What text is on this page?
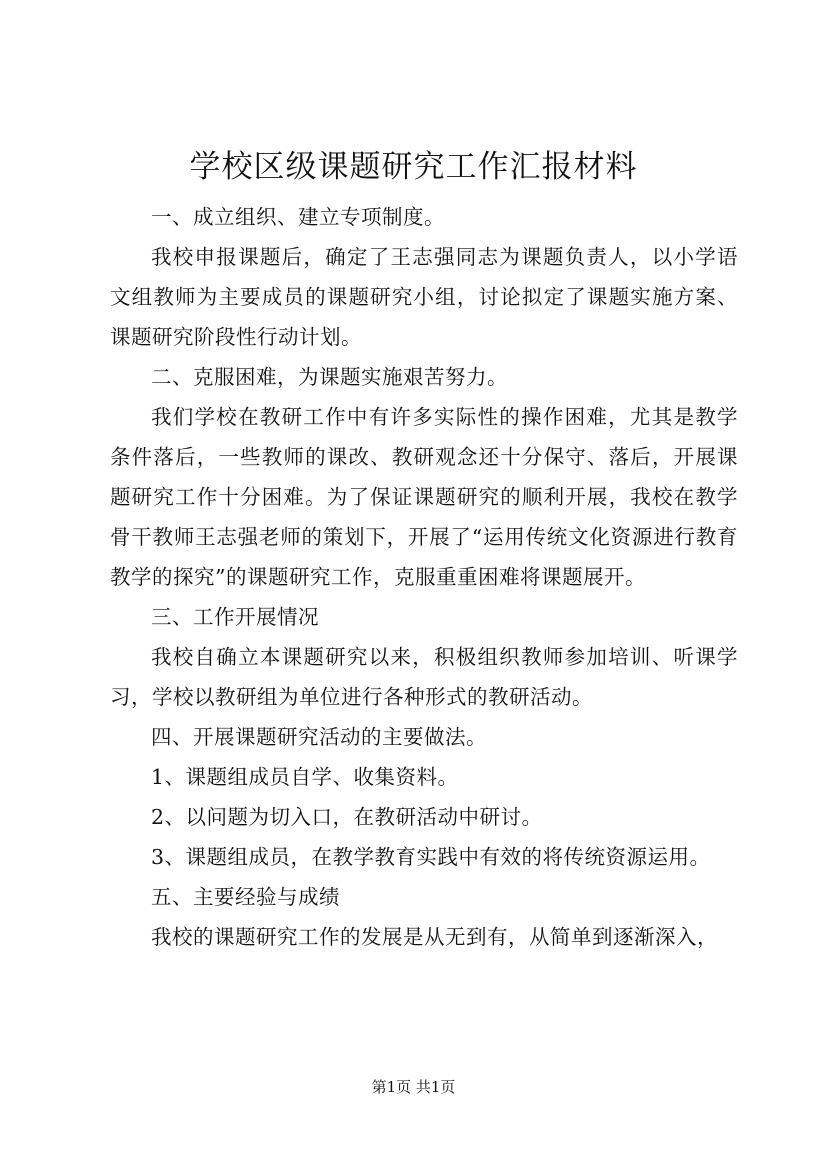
学校区级课题研究工作汇报材料

一、成立组织、建立专项制度。

我校申报课题后，确定了王志强同志为课题负责人，以小学语文组教师为主要成员的课题研究小组，讨论拟定了课题实施方案、课题研究阶段性行动计划。

二、克服困难，为课题实施艰苦努力。

我们学校在教研工作中有许多实际性的操作困难，尤其是教学条件落后，一些教师的课改、教研观念还十分保守、落后，开展课题研究工作十分困难。为了保证课题研究的顺利开展，我校在教学骨干教师王志强老师的策划下，开展了“运用传统文化资源进行教育教学的探究”的课题研究工作，克服重重困难将课题展开。

三、工作开展情况

我校自确立本课题研究以来，积极组织教师参加培训、听课学习，学校以教研组为单位进行各种形式的教研活动。

四、开展课题研究活动的主要做法。

1、课题组成员自学、收集资料。

2、以问题为切入口，在教研活动中研讨。

3、课题组成员，在教学教育实践中有效的将传统资源运用。

五、主要经验与成绩

我校的课题研究工作的发展是从无到有，从简单到逐渐深入，

第1页 共1页
